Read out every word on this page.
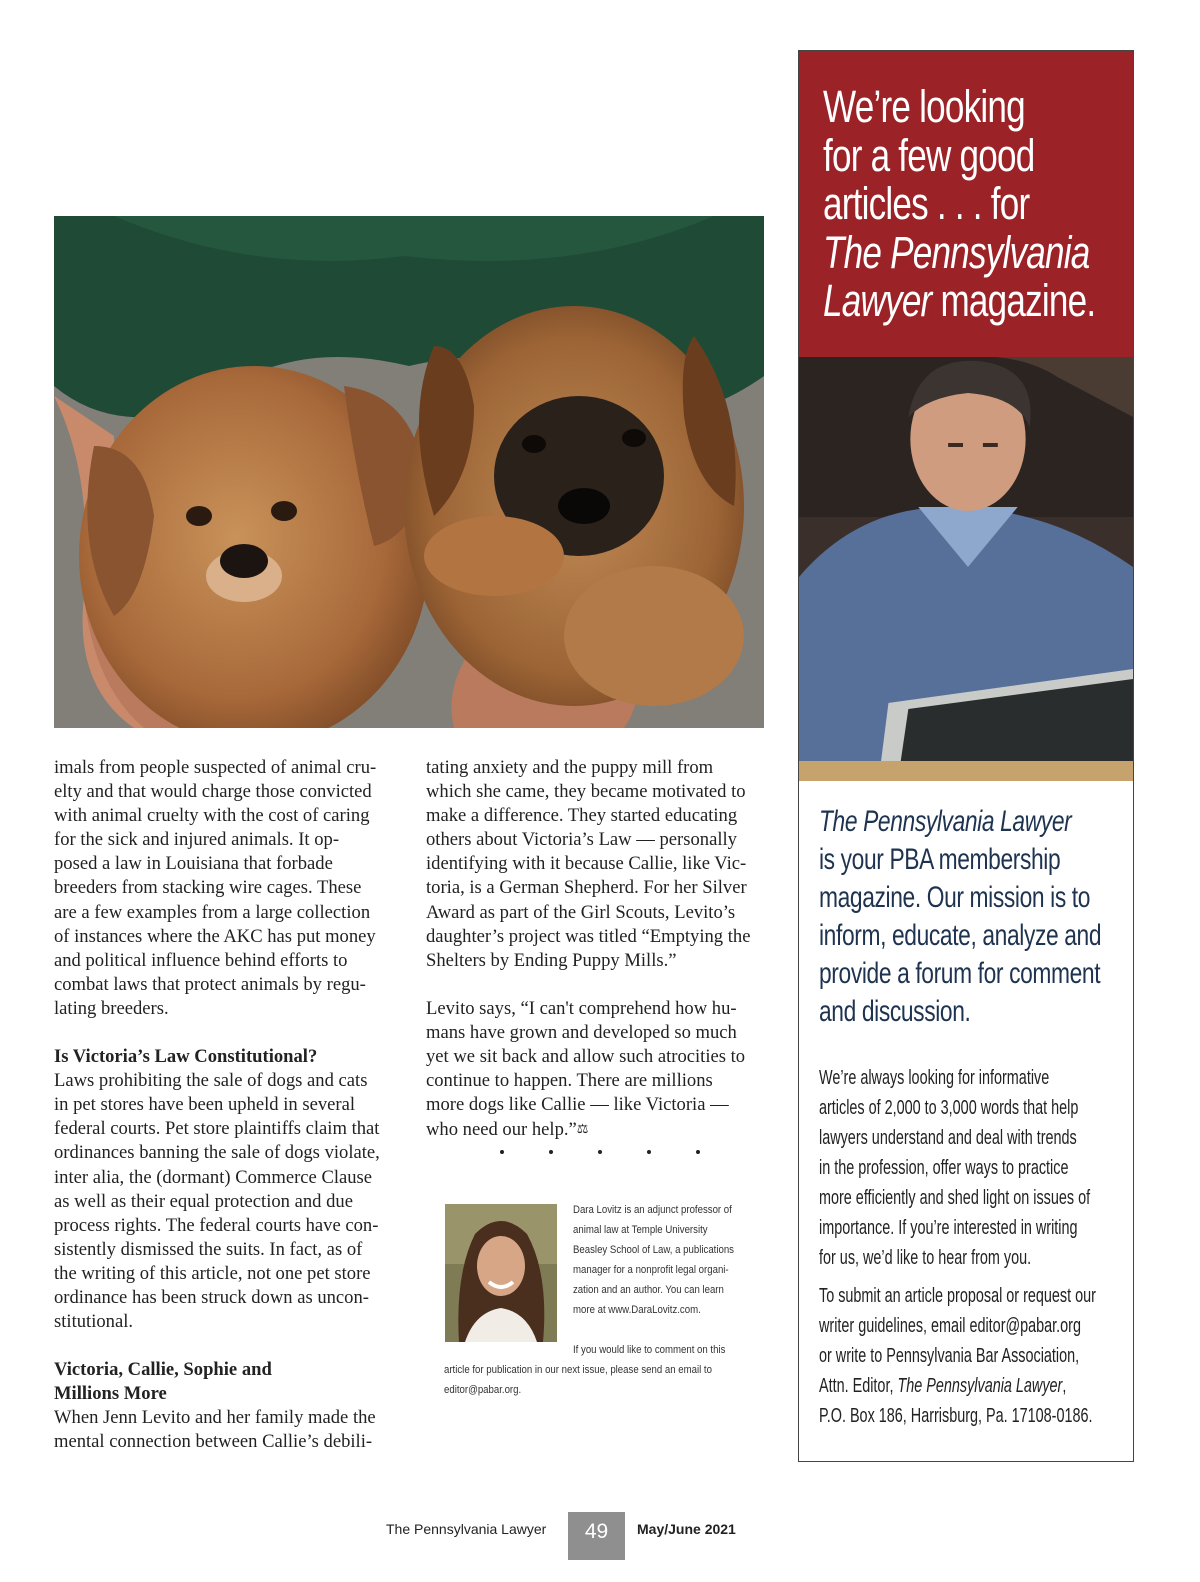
imals from people suspected of animal cru-
elty and that would charge those convicted
with animal cruelty with the cost of caring
for the sick and injured animals. It op-
posed a law in Louisiana that forbade
breeders from stacking wire cages. These
are a few examples from a large collection
of instances where the AKC has put money
and political influence behind efforts to
combat laws that protect animals by regu-
lating breeders.

Is Victoria’s Law Constitutional?

Laws prohibiting the sale of dogs and cats
in pet stores have been upheld in several
federal courts. Pet store plaintiffs claim that
ordinances banning the sale of dogs violate,
inter alia, the (dormant) Commerce Clause
as well as their equal protection and due
process rights. The federal courts have con-
sistently dismissed the suits. In fact, as of
the writing of this article, not one pet store
ordinance has been struck down as uncon-
stitutional.

Victoria, Callie, Sophie and
Millions More

When Jenn Levito and her family made the
mental connection between Callie’s debili-

tating anxiety and the puppy mill from
which she came, they became motivated to
make a difference. They started educating
others about Victoria’s Law — personally
identifying with it because Callie, like Vic-
toria, is a German Shepherd. For her Silver
Award as part of the Girl Scouts, Levito’s
daughter’s project was titled “Emptying the
Shelters by Ending Puppy Mills.”

Levito says, “I can't comprehend how hu-
mans have grown and developed so much
yet we sit back and allow such atrocities to
continue to happen. There are millions
more dogs like Callie — like Victoria —
who need our help.”⚖

Dara Lovitz is an adjunct professor of
animal law at Temple University
Beasley School of Law, a publications
manager for a nonprofit legal organi-
zation and an author. You can learn
more at www.DaraLovitz.com.
If you would like to comment on this
article for publication in our next issue, please send an email to
editor@pabar.org.
We’re looking
for a few good
articles . . . for
The Pennsylvania
Lawyer magazine.
The Pennsylvania Lawyer
is your PBA membership
magazine. Our mission is to
inform, educate, analyze and
provide a forum for comment
and discussion.
We’re always looking for informative
articles of 2,000 to 3,000 words that help
lawyers understand and deal with trends
in the profession, offer ways to practice
more efficiently and shed light on issues of
importance. If you’re interested in writing
for us, we’d like to hear from you.
To submit an article proposal or request our
writer guidelines, email editor@pabar.org
or write to Pennsylvania Bar Association,
Attn. Editor, The Pennsylvania Lawyer,
P.O. Box 186, Harrisburg, Pa. 17108-0186.
The Pennsylvania Lawyer	49	May/June 2021
